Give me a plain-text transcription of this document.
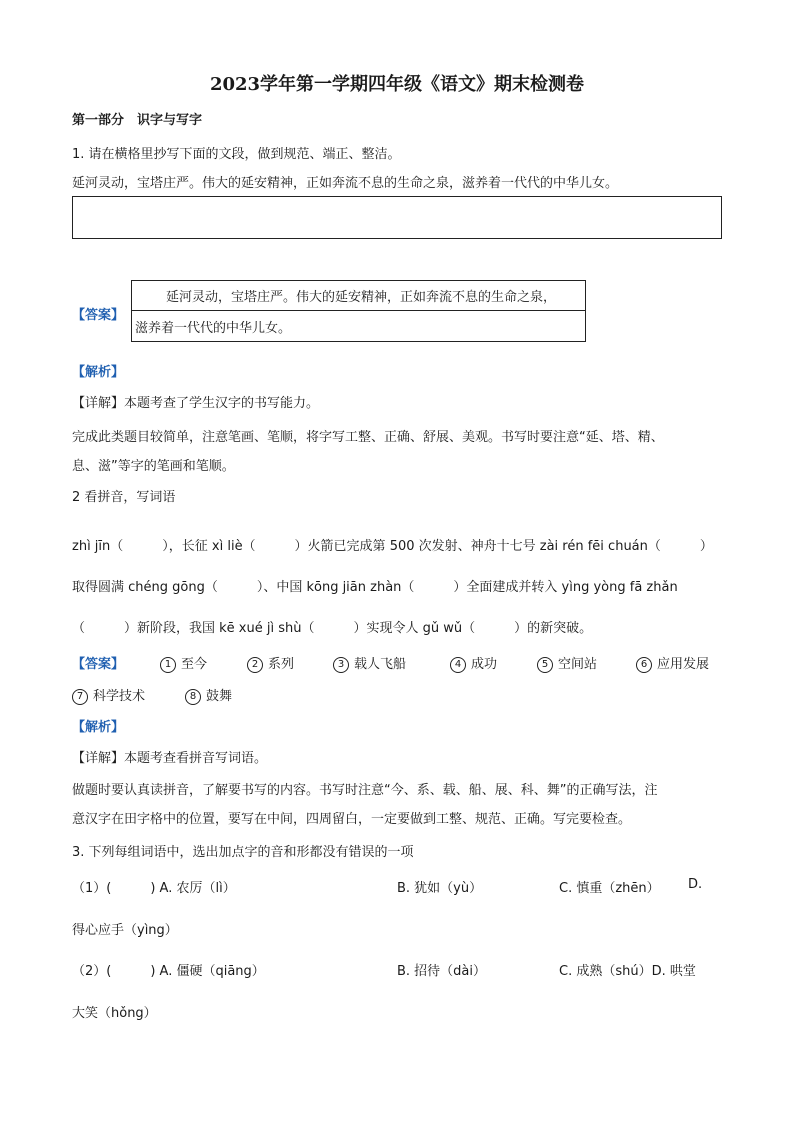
2023学年第一学期四年级《语文》期末检测卷
第一部分　识字与写字
1. 请在横格里抄写下面的文段，做到规范、端正、整洁。
延河灵动，宝塔庄严。伟大的延安精神，正如奔流不息的生命之泉，滋养着一代代的中华儿女。
【答案】
延河灵动，宝塔庄严。伟大的延安精神，正如奔流不息的生命之泉，
滋养着一代代的中华儿女。
【解析】
【详解】本题考查了学生汉字的书写能力。
完成此类题目较简单，注意笔画、笔顺，将字写工整、正确、舒展、美观。书写时要注意“延、塔、精、
息、滋”等字的笔画和笔顺。
2 看拼音，写词语
zhì jīn（　　　），长征 xì liè（　　　）火箭已完成第 500 次发射、神舟十七号 zài rén fēi chuán（　　　）
取得圆满 chéng gōng（　　　）、中国 kōng jiān zhàn（　　　）全面建成并转入 yìng yòng fā zhǎn
（　　　）新阶段，我国 kē xué jì shù（　　　）实现令人 gǔ wǔ（　　　）的新突破。
【答案】	1 至今	2 系列	3 载人飞船	4 成功	5 空间站	6 应用发展
7 科学技术	8 鼓舞
【解析】
【详解】本题考查看拼音写词语。
做题时要认真读拼音，了解要书写的内容。书写时注意“今、系、载、船、展、科、舞”的正确写法，注
意汉字在田字格中的位置，要写在中间，四周留白，一定要做到工整、规范、正确。写完要检查。
3. 下列每组词语中，选出加点字的音和形都没有错误的一项
（1）(　　　) A. 农厉（lì）	B. 犹如（yù）	C. 慎重（zhēn） D.
得心应手（yìng）
（2）(　　　) A. 僵硬（qiāng）	B. 招待（dài）	C. 成熟（shú）D. 哄堂
大笑（hǒng）
